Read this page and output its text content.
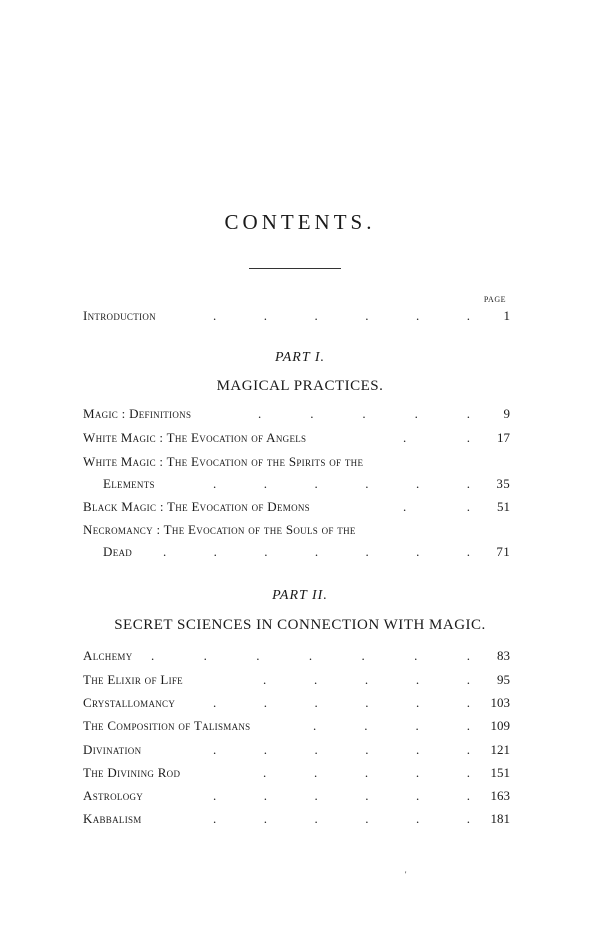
CONTENTS.
PAGE
Introduction	.	.	.	.	.	.	1
PART I.
MAGICAL PRACTICES.
Magic : Definitions	.	.	.	.	.	9
White Magic : The Evocation of Angels	.	. 17
White Magic : The Evocation of the Spirits of the
Elements	.	.	.	.	.	. 35
Black Magic : The Evocation of Demons	.	. 51
Necromancy : The Evocation of the Souls of the
Dead .	.	.	.	.	.	. 71
PART II.
SECRET SCIENCES IN CONNECTION WITH MAGIC.
Alchemy .	.	.	.	.	.	. 83
The Elixir of Life	.	.	.	.	. 95
Crystallomancy	.	.	.	.	.	. 103
The Composition of Talismans	.	.	.	. 109
Divination	.	.	.	.	.	. 121
The Divining Rod	.	.	.	.	. 151
Astrology	.	.	.	.	.	. 163
Kabbalism	.	.	.	.	.	. 181
'
